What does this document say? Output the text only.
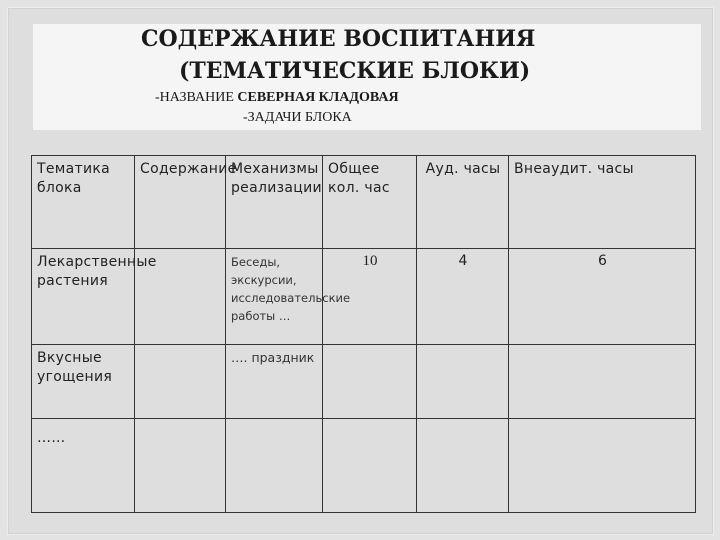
СОДЕРЖАНИЕ ВОСПИТАНИЯ
(ТЕМАТИЧЕСКИЕ БЛОКИ)
-НАЗВАНИЕ СЕВЕРНАЯ КЛАДОВАЯ
-ЗАДАЧИ БЛОКА
Тематика блока	Содержание	Механизмы реализации	Общее кол. час	Ауд. часы	Внеаудит. часы
Лекарственные растения		Беседы, экскурсии, исследовательские работы …	10	4	6
Вкусные угощения		…. праздник			
……					
